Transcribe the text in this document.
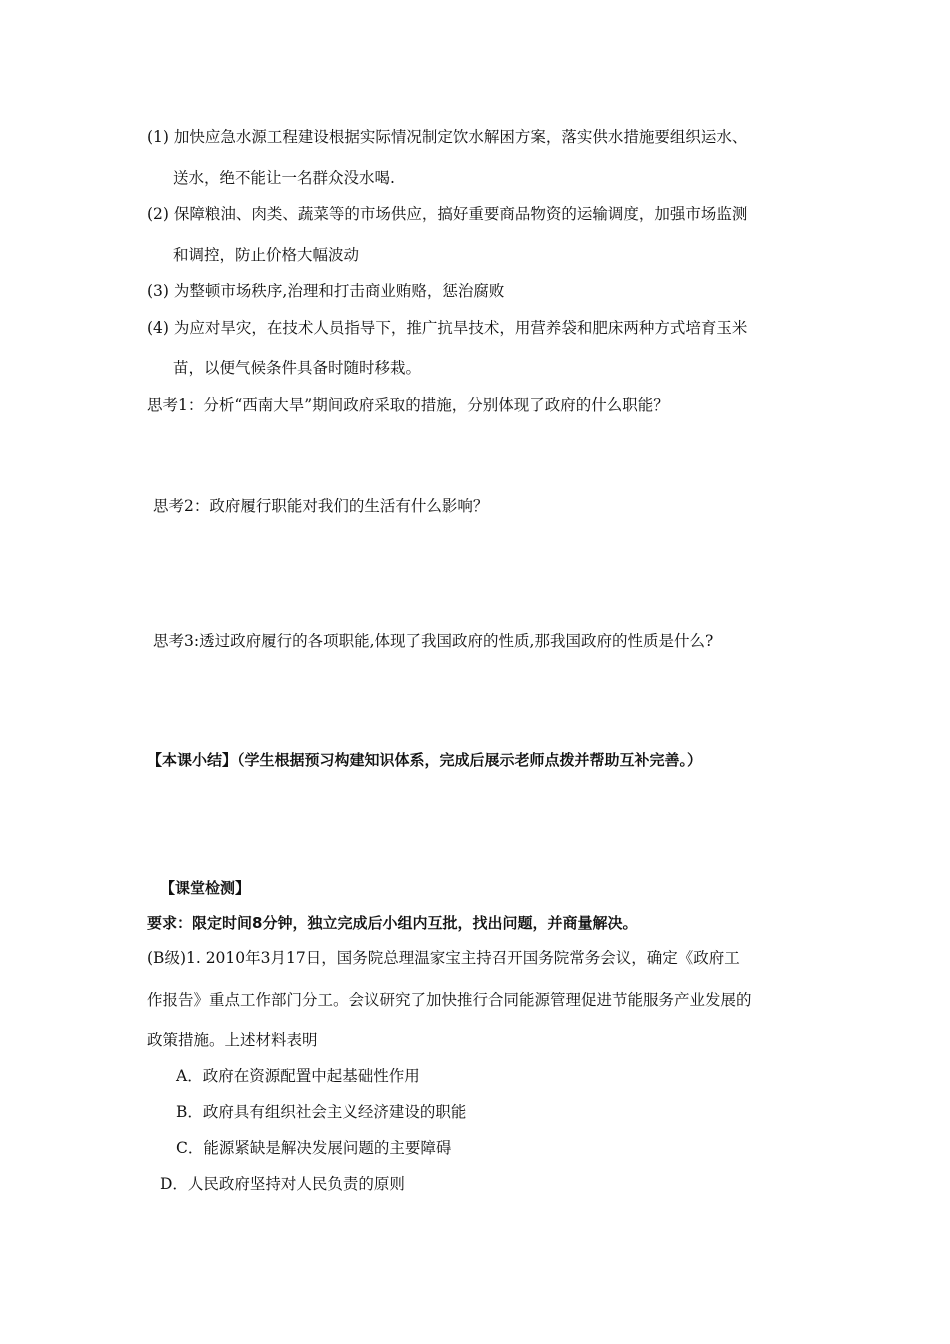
(1) 加快应急水源工程建设根据实际情况制定饮水解困方案，落实供水措施要组织运水、
送水，绝不能让一名群众没水喝.
(2) 保障粮油、肉类、蔬菜等的市场供应，搞好重要商品物资的运输调度，加强市场监测
和调控，防止价格大幅波动
(3) 为整顿市场秩序,治理和打击商业贿赂，惩治腐败
(4) 为应对旱灾，在技术人员指导下，推广抗旱技术，用营养袋和肥床两种方式培育玉米
苗，以便气候条件具备时随时移栽。
思考1：分析“西南大旱”期间政府采取的措施，分别体现了政府的什么职能？
思考2：政府履行职能对我们的生活有什么影响？
思考3:透过政府履行的各项职能,体现了我国政府的性质,那我国政府的性质是什么?
【本课小结】（学生根据预习构建知识体系，完成后展示老师点拨并帮助互补完善。）
【课堂检测】
要求：限定时间8分钟，独立完成后小组内互批，找出问题，并商量解决。
(B级)1. 2010年3月17日，国务院总理温家宝主持召开国务院常务会议，确定《政府工
作报告》重点工作部门分工。会议研究了加快推行合同能源管理促进节能服务产业发展的
政策措施。上述材料表明
A．政府在资源配置中起基础性作用
B．政府具有组织社会主义经济建设的职能
C．能源紧缺是解决发展问题的主要障碍
D．人民政府坚持对人民负责的原则
